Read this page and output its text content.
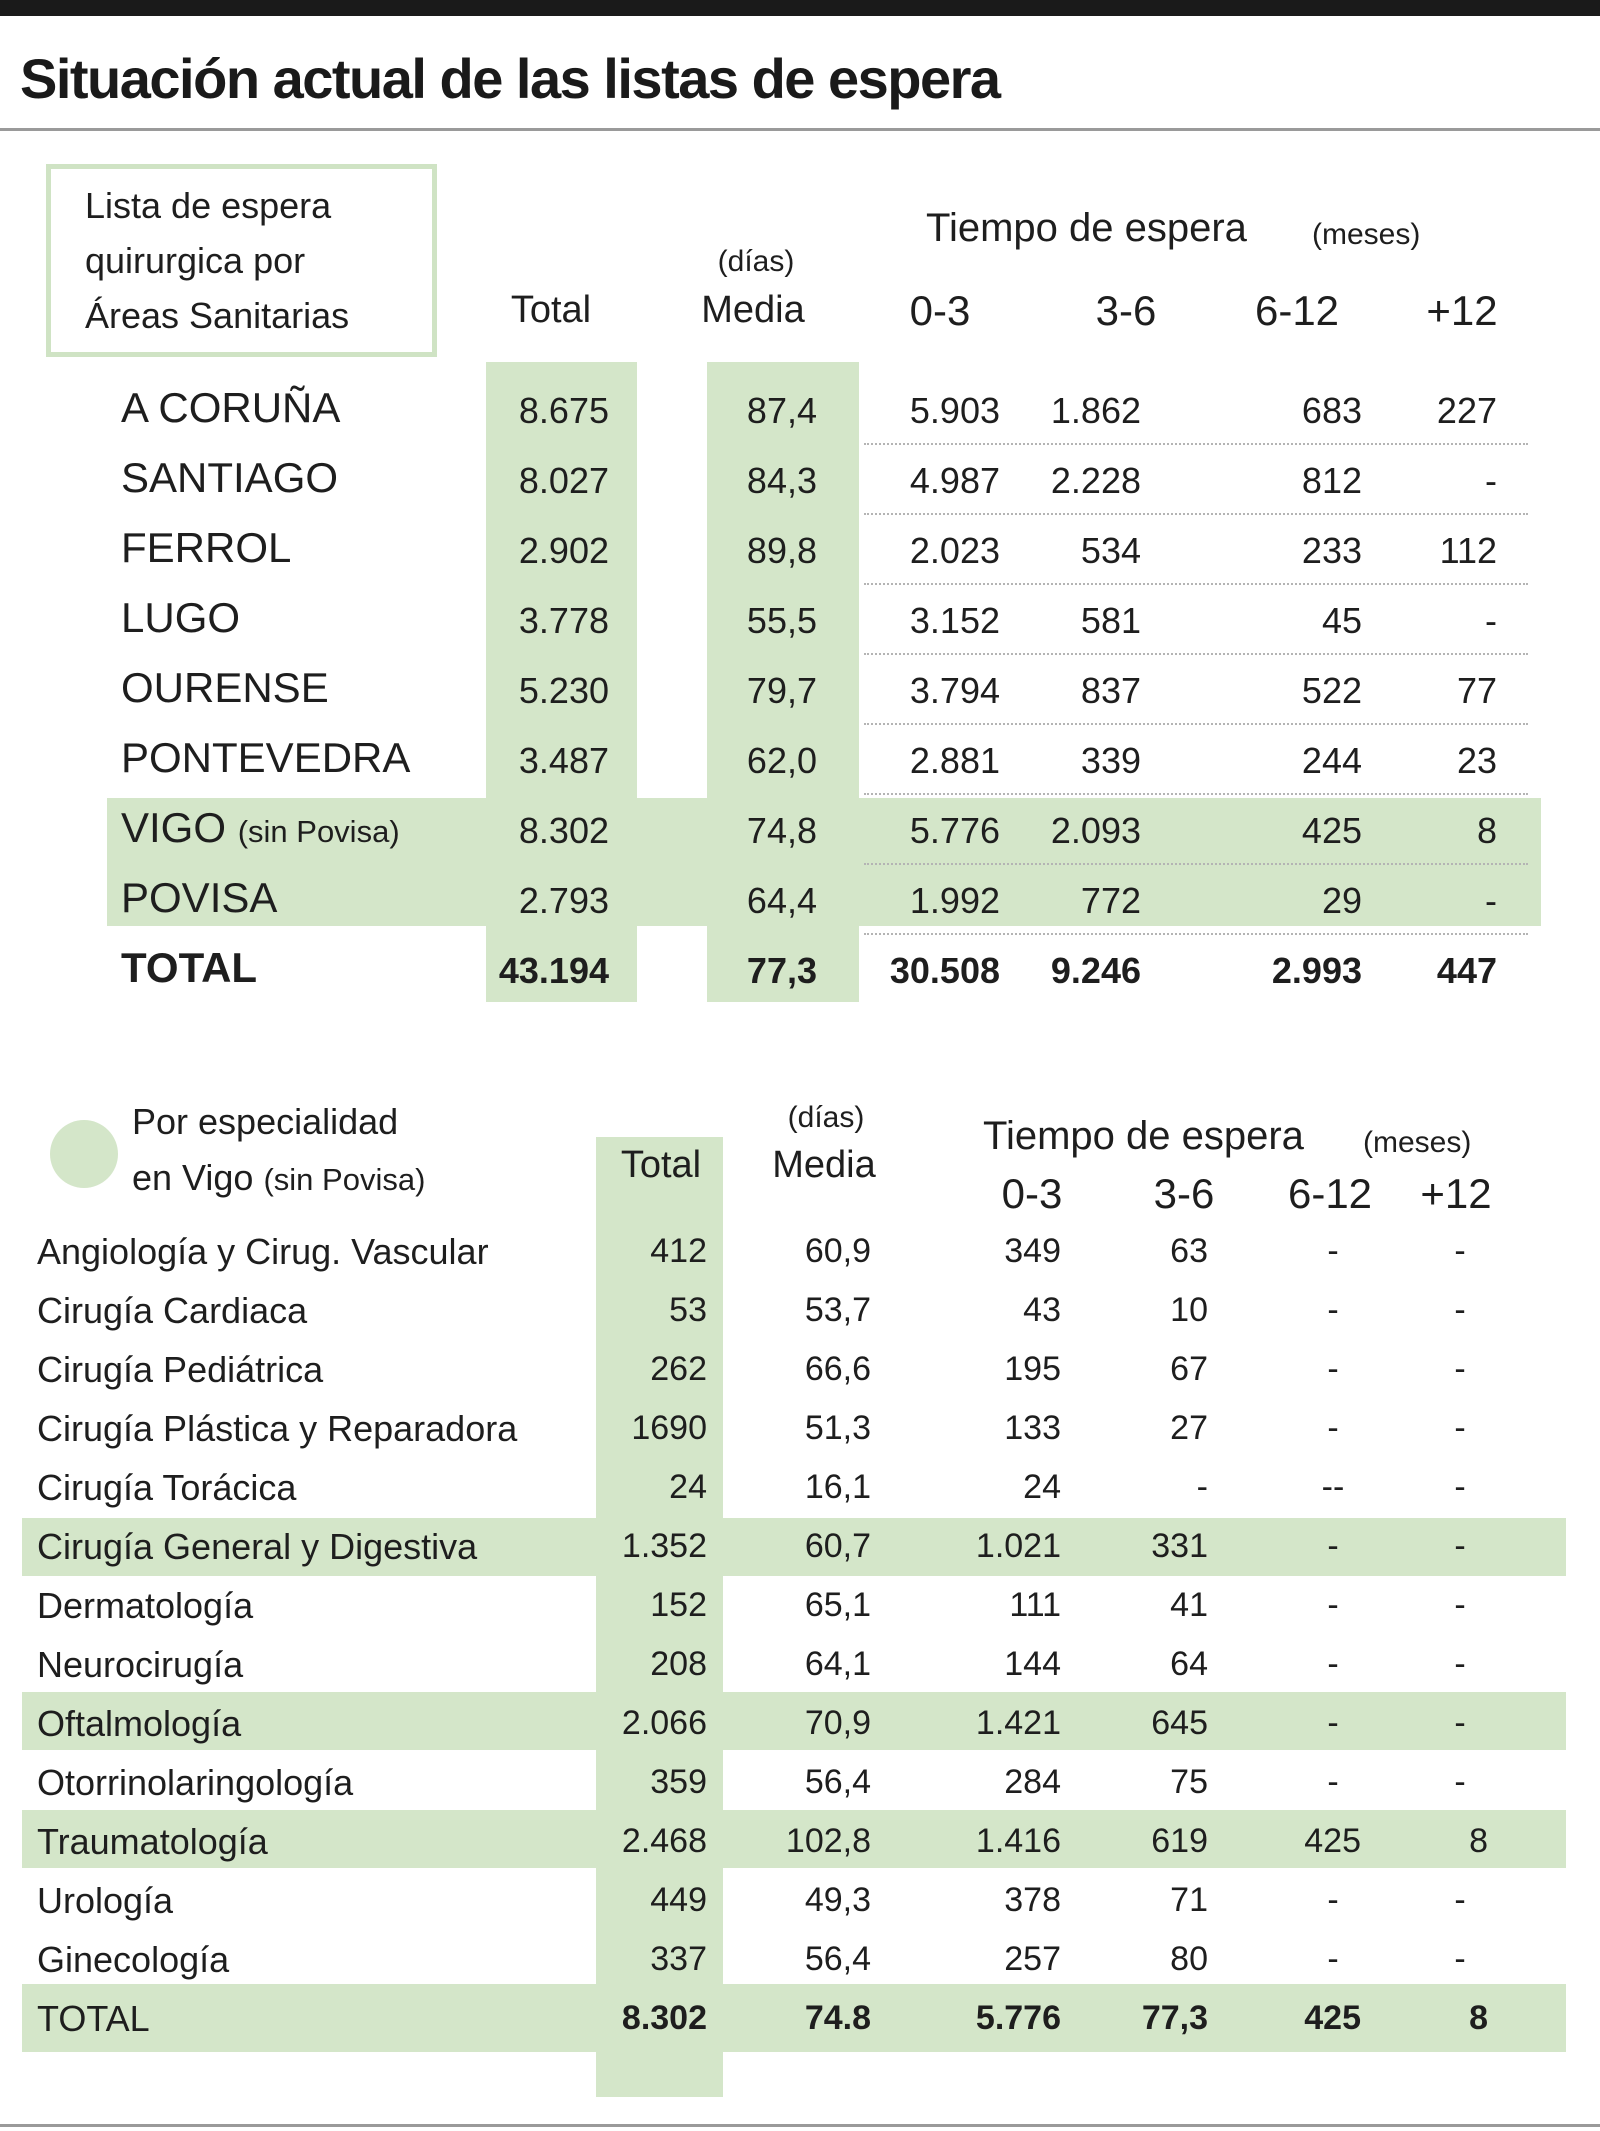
Situación actual de las listas de espera
Lista de espera
quirurgica por
Áreas Sanitarias	Total
(días)
Media
Tiempo de espera (meses)
0-3	3-6 6-12 +12
A CORUÑA	8.675	87,4	5.903 1.862	683 227
SANTIAGO	8.027	84,3	4.987 2.228	812	-
FERROL	2.902	89,8	2.023 534	233 112
LUGO	3.778	55,5	3.152 581	45	-
OURENSE	5.230	79,7	3.794 837	522	77
PONTEVEDRA	3.487	62,0	2.881 339	244	23
VIGO (sin Povisa)	8.302	74,8	5.776 2.093	425	8
POVISA	2.793	64,4	1.992 772	29	-
TOTAL	43.194	77,3 30.508 9.246	2.993 447
Por especialidad
en Vigo (sin Povisa)	Total
(días)
Media
Tiempo de espera (meses)
0-3 3-6 6-12 +12
Angiología y Cirug. Vascular	412	60,9	349	63	-	-
Cirugía Cardiaca	53	53,7	43	10	-	-
Cirugía Pediátrica	262	66,6	195	67	-	-
Cirugía Plástica y Reparadora	1690	51,3	133	27	-	-
Cirugía Torácica	24	16,1	24	-	--	-
Cirugía General y Digestiva	1.352	60,7	1.021	331	-	-
Dermatología	152	65,1	111	41	-	-
Neurocirugía	208	64,1	144	64	-	-
Oftalmología	2.066	70,9	1.421	645	-	-
Otorrinolaringología	359	56,4	284	75	-	-
Traumatología	2.468 102,8	1.416	619	425	8
Urología	449	49,3	378	71	-	-
Ginecología	337	56,4	257	80	-	-
TOTAL	8.302	74.8	5.776 77,3	425	8
